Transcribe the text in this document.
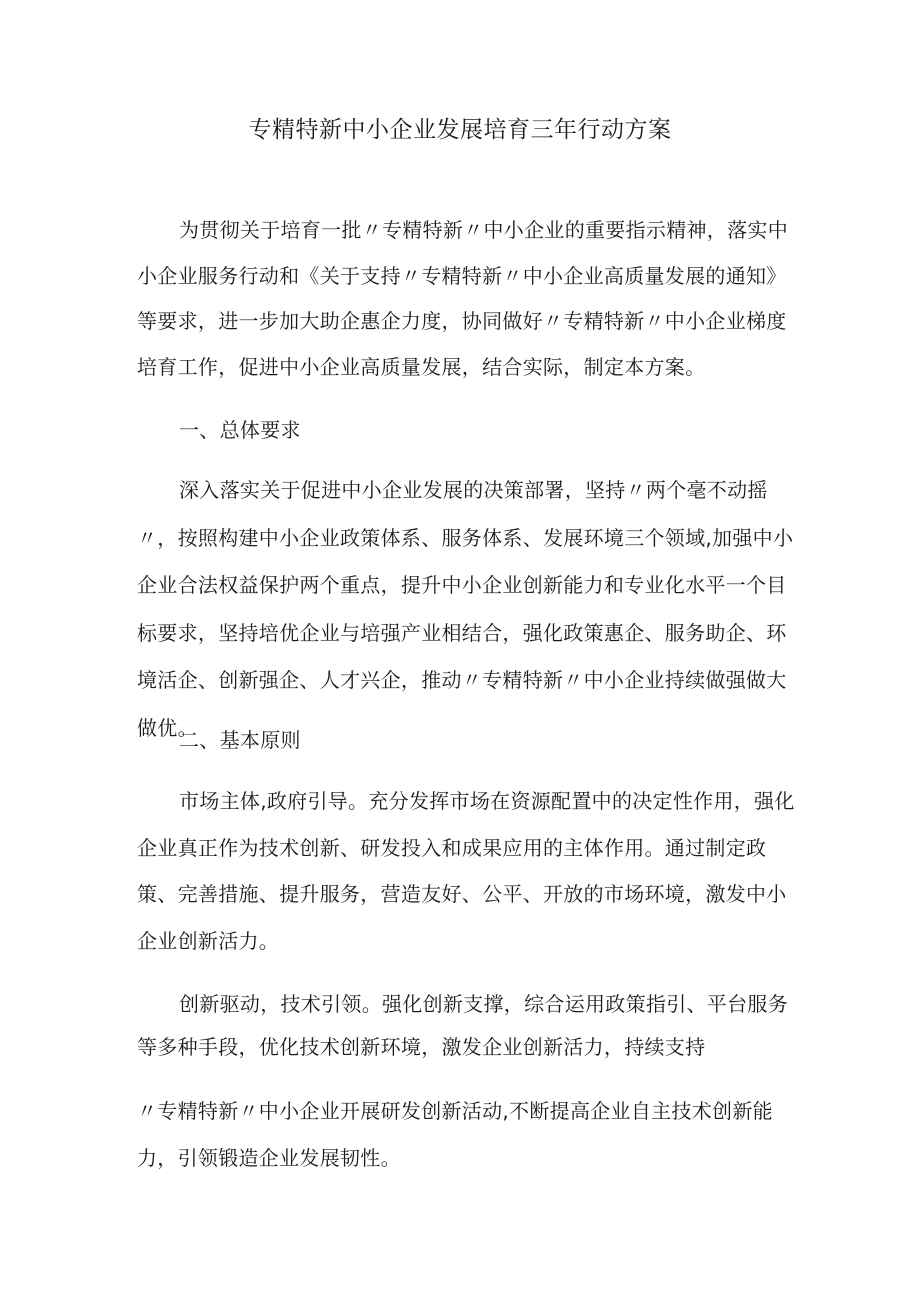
专精特新中小企业发展培育三年行动方案

为贯彻关于培育一批〃专精特新〃中小企业的重要指示精神，落实中小企业服务行动和《关于支持〃专精特新〃中小企业高质量发展的通知》等要求，进一步加大助企惠企力度，协同做好〃专精特新〃中小企业梯度培育工作，促进中小企业高质量发展，结合实际，制定本方案。

一、总体要求

深入落实关于促进中小企业发展的决策部署，坚持〃两个毫不动摇〃，按照构建中小企业政策体系、服务体系、发展环境三个领域,加强中小企业合法权益保护两个重点，提升中小企业创新能力和专业化水平一个目标要求，坚持培优企业与培强产业相结合，强化政策惠企、服务助企、环境活企、创新强企、人才兴企，推动〃专精特新〃中小企业持续做强做大做优。

二、基本原则

市场主体,政府引导。充分发挥市场在资源配置中的决定性作用，强化企业真正作为技术创新、研发投入和成果应用的主体作用。通过制定政策、完善措施、提升服务，营造友好、公平、开放的市场环境，激发中小企业创新活力。

创新驱动，技术引领。强化创新支撑，综合运用政策指引、平台服务等多种手段，优化技术创新环境，激发企业创新活力，持续支持

〃专精特新〃中小企业开展研发创新活动,不断提高企业自主技术创新能力，引领锻造企业发展韧性。
